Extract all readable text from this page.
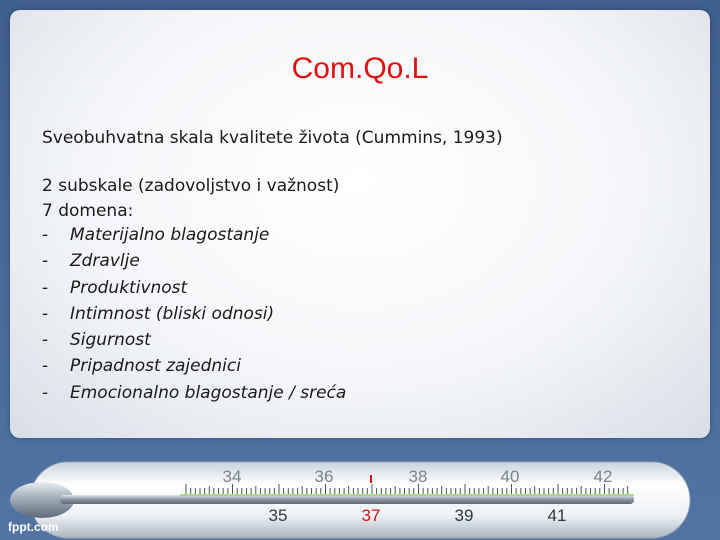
Com.Qo.L
Sveobuhvatna skala kvalitete života (Cummins, 1993)
2 subskale (zadovoljstvo i važnost)
7 domena:
- Materijalno blagostanje
- Zdravlje
- Produktivnost
- Intimnost (bliski odnosi)
- Sigurnost
- Pripadnost zajednici
- Emocionalno blagostanje / sreća
34	36	38	40	42
35	37	39	41
fppt.com
